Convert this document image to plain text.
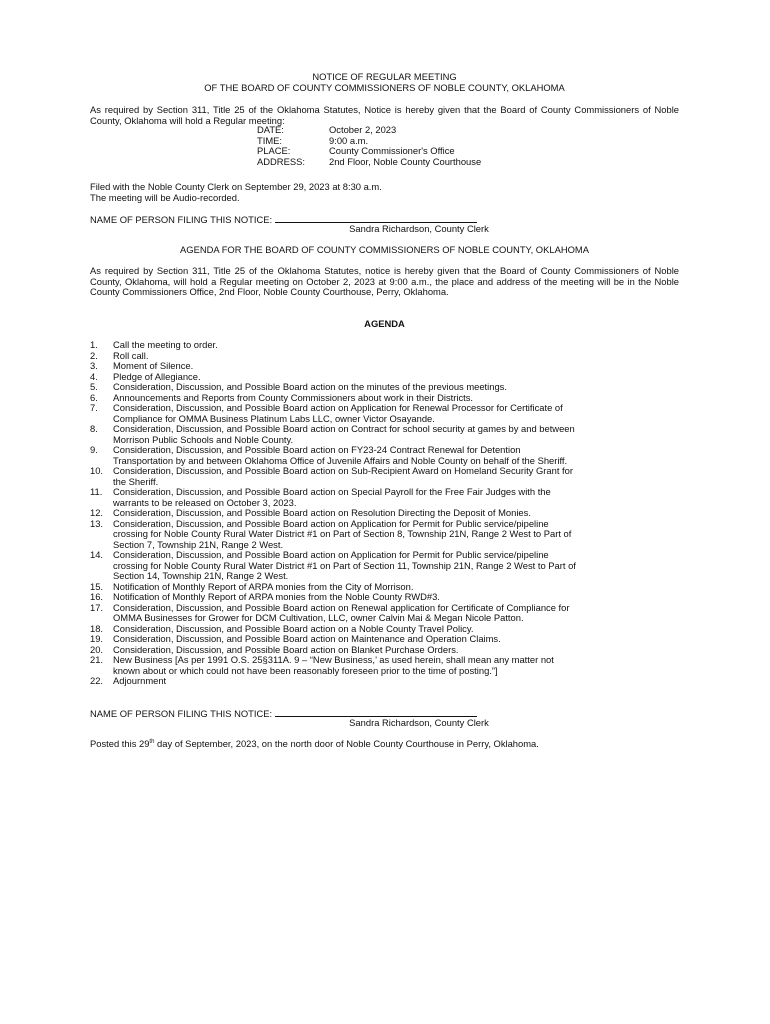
NOTICE OF REGULAR MEETING
OF THE BOARD OF COUNTY COMMISSIONERS OF NOBLE COUNTY, OKLAHOMA
As required by Section 311, Title 25 of the Oklahoma Statutes, Notice is hereby given that the Board of County Commissioners of Noble County, Oklahoma will hold a Regular meeting:
DATE:	October 2, 2023
TIME:	9:00 a.m.
PLACE:	County Commissioner's Office
ADDRESS:	2nd Floor, Noble County Courthouse
Filed with the Noble County Clerk on September 29, 2023 at 8:30 a.m.
The meeting will be Audio-recorded.
NAME OF PERSON FILING THIS NOTICE:
Sandra Richardson, County Clerk
AGENDA FOR THE BOARD OF COUNTY COMMISSIONERS OF NOBLE COUNTY, OKLAHOMA
As required by Section 311, Title 25 of the Oklahoma Statutes, notice is hereby given that the Board of County Commissioners of Noble County, Oklahoma, will hold a Regular meeting on October 2, 2023 at 9:00 a.m., the place and address of the meeting will be in the Noble County Commissioners Office, 2nd Floor, Noble County Courthouse, Perry, Oklahoma.
AGENDA
1.	Call the meeting to order.
2.	Roll call.
3.	Moment of Silence.
4.	Pledge of Allegiance.
5.	Consideration, Discussion, and Possible Board action on the minutes of the previous meetings.
6.	Announcements and Reports from County Commissioners about work in their Districts.
7.	Consideration, Discussion, and Possible Board action on Application for Renewal Processor for Certificate of
Compliance for OMMA Business Platinum Labs LLC, owner Victor Osayande.
8.	Consideration, Discussion, and Possible Board action on Contract for school security at games by and between
Morrison Public Schools and Noble County.
9.	Consideration, Discussion, and Possible Board action on FY23-24 Contract Renewal for Detention
Transportation by and between Oklahoma Office of Juvenile Affairs and Noble County on behalf of the Sheriff.
10.	Consideration, Discussion, and Possible Board action on Sub-Recipient Award on Homeland Security Grant for
the Sheriff.
11.	Consideration, Discussion, and Possible Board action on Special Payroll for the Free Fair Judges with the
warrants to be released on October 3, 2023.
12.	Consideration, Discussion, and Possible Board action on Resolution Directing the Deposit of Monies.
13.	Consideration, Discussion, and Possible Board action on Application for Permit for Public service/pipeline
crossing for Noble County Rural Water District #1 on Part of Section 8, Township 21N, Range 2 West to Part of
Section 7, Township 21N, Range 2 West.
14.	Consideration, Discussion, and Possible Board action on Application for Permit for Public service/pipeline
crossing for Noble County Rural Water District #1 on Part of Section 11, Township 21N, Range 2 West to Part of
Section 14, Township 21N, Range 2 West.
15.	Notification of Monthly Report of ARPA monies from the City of Morrison.
16.	Notification of Monthly Report of ARPA monies from the Noble County RWD#3.
17.	Consideration, Discussion, and Possible Board action on Renewal application for Certificate of Compliance for
OMMA Businesses for Grower for DCM Cultivation, LLC, owner Calvin Mai & Megan Nicole Patton.
18.	Consideration, Discussion, and Possible Board action on a Noble County Travel Policy.
19.	Consideration, Discussion, and Possible Board action on Maintenance and Operation Claims.
20.	Consideration, Discussion, and Possible Board action on Blanket Purchase Orders.
21.	New Business [As per 1991 O.S. 25§311A. 9 – “New Business,’ as used herein, shall mean any matter not
known about or which could not have been reasonably foreseen prior to the time of posting.”]
22.	Adjournment
NAME OF PERSON FILING THIS NOTICE:
Sandra Richardson, County Clerk
Posted this 29th day of September, 2023, on the north door of Noble County Courthouse in Perry, Oklahoma.
